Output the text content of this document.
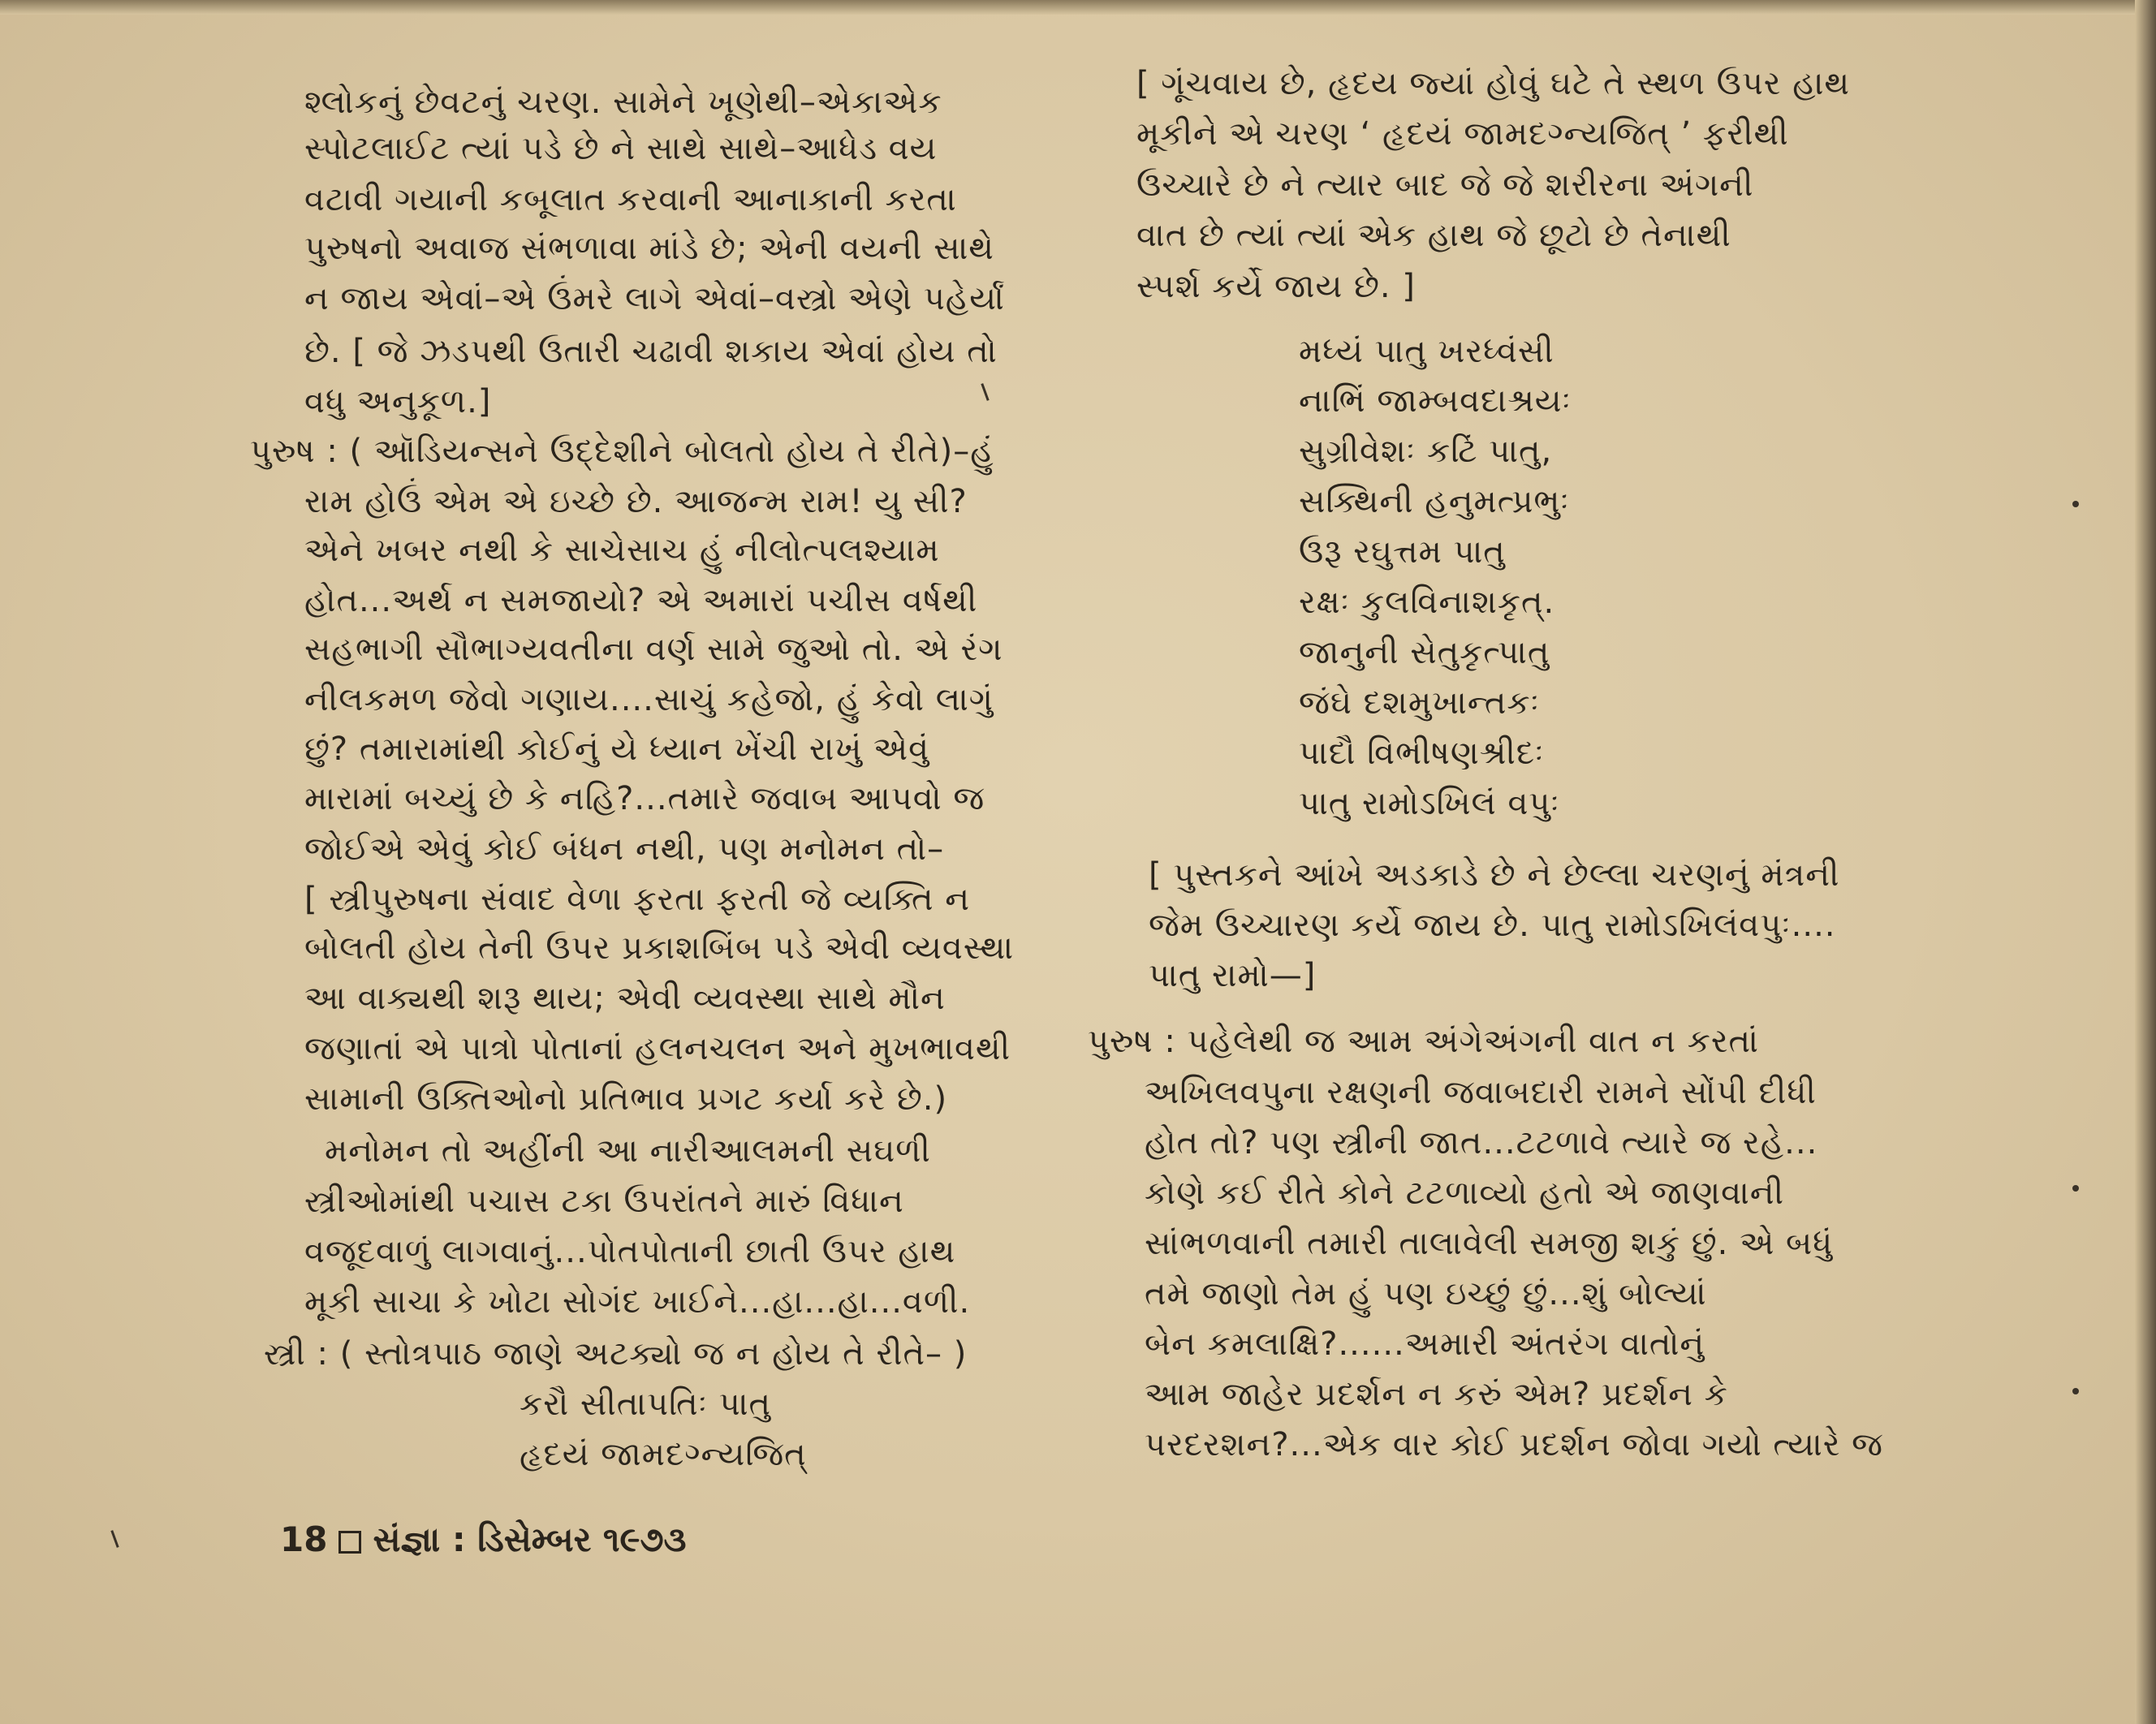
શ્લોકનું છેવટનું ચરણ. સામેને ખૂણેથી–એકાએક
સ્પોટલાઈટ ત્યાં પડે છે ને સાથે સાથે–આધેડ વય
વટાવી ગયાની કબૂલાત કરવાની આનાકાની કરતા
પુરુષનો અવાજ સંભળાવા માંડે છે; એની વયની સાથે
ન જાય એવાં–એ ઉંમરે લાગે એવાં–વસ્ત્રો એણે પહેર્યાં
છે. [ જે ઝડપથી ઉતારી ચઢાવી શકાય એવાં હોય તો
વધુ અનુકૂળ.]
પુરુષ : ( ઑડિયન્સને ઉદ્દેશીને બોલતો હોય તે રીતે)–હું
રામ હોઉં એમ એ ઇચ્છે છે. આજન્મ રામ! યુ સી?
એને ખબર નથી કે સાચેસાચ હું નીલોત્પલશ્યામ
હોત...અર્થ ન સમજાયો? એ અમારાં પચીસ વર્ષથી
સહભાગી સૌભાગ્યવતીના વર્ણ સામે જુઓ તો. એ રંગ
નીલકમળ જેવો ગણાય....સાચું કહેજો, હું કેવો લાગું
છું? તમારામાંથી કોઈનું યે ધ્યાન ખેંચી રાખું એવું
મારામાં બચ્યું છે કે નહિ?...તમારે જવાબ આપવો જ
જોઈએ એવું કોઈ બંધન નથી, પણ મનોમન તો–
[ સ્ત્રીપુરુષના સંવાદ વેળા ફરતા ફરતી જે વ્યક્તિ ન
બોલતી હોય તેની ઉપર પ્રકાશબિંબ પડે એવી વ્યવસ્થા
આ વાક્યથી શરૂ થાય; એવી વ્યવસ્થા સાથે મૌન
જણાતાં એ પાત્રો પોતાનાં હલનચલન અને મુખભાવથી
સામાની ઉક્તિઓનો પ્રતિભાવ પ્રગટ કર્યા કરે છે.)
મનોમન તો અહીંની આ નારીઆલમની સઘળી
સ્ત્રીઓમાંથી પચાસ ટકા ઉપરાંતને મારું વિધાન
વજૂદવાળું લાગવાનું...પોતપોતાની છાતી ઉપર હાથ
મૂકી સાચા કે ખોટા સોગંદ ખાઈને...હા...હા...વળી.
સ્ત્રી : ( સ્તોત્રપાઠ જાણે અટક્યો જ ન હોય તે રીતે– )
કરૌ સીતાપતિઃ પાતુ
હૃદયં જામદગ્ન્યજિત્
[ ગૂંચવાય છે, હૃદય જ્યાં હોવું ઘટે તે સ્થળ ઉપર હાથ
મૂકીને એ ચરણ ‘ હૃદયં જામદગ્ન્યજિત્ ’ ફરીથી
ઉચ્ચારે છે ને ત્યાર બાદ જે જે શરીરના અંગની
વાત છે ત્યાં ત્યાં એક હાથ જે છૂટો છે તેનાથી
સ્પર્શ કર્યે જાય છે. ]
મધ્યં પાતુ ખરધ્વંસી
નાભિં જામ્બવદાશ્રયઃ
સુગ્રીવેશઃ કટિં પાતુ,
સક્થિની હનુમત્પ્રભુઃ
ઉરૂ રઘુત્તમ પાતુ
રક્ષઃ કુલવિનાશકૃત્.
જાનુની સેતુકૃત્પાતુ
જંઘે દશમુખાન્તકઃ
પાદૌ વિભીષણશ્રીદઃ
પાતુ રામોઽખિલં વપુઃ
[ પુસ્તકને આંખે અડકાડે છે ને છેલ્લા ચરણનું મંત્રની
જેમ ઉચ્ચારણ કર્યે જાય છે. પાતુ રામોઽખિલંવપુઃ....
પાતુ રામો—]
પુરુષ : પહેલેથી જ આમ અંગેઅંગની વાત ન કરતાં
અખિલવપુના રક્ષણની જવાબદારી રામને સોંપી દીધી
હોત તો? પણ સ્ત્રીની જાત...ટટળાવે ત્યારે જ રહે...
કોણે કઈ રીતે કોને ટટળાવ્યો હતો એ જાણવાની
સાંભળવાની તમારી તાલાવેલી સમજી શકું છું. એ બધું
તમે જાણો તેમ હું પણ ઇચ્છું છું...શું બોલ્યાં
બેન કમલાક્ષિ?......અમારી અંતરંગ વાતોનું
આમ જાહેર પ્રદર્શન ન કરું એમ? પ્રદર્શન કે
પરદરશન?...એક વાર કોઈ પ્રદર્શન જોવા ગયો ત્યારે જ
18 સંજ્ઞા : ડિસેમ્બર ૧૯૭૩
